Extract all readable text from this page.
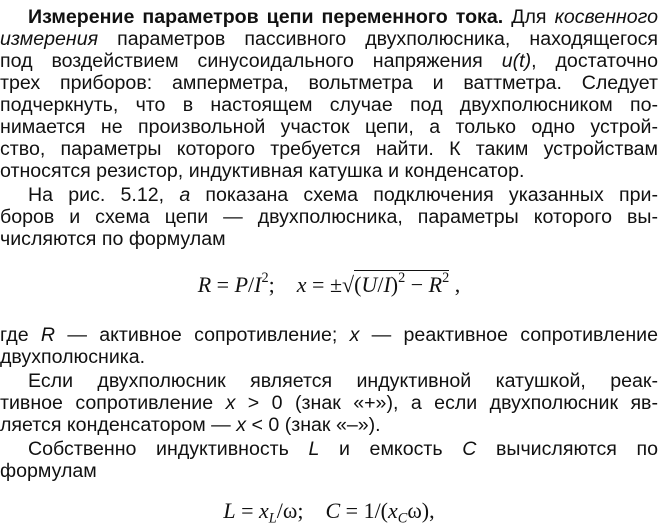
Измерение параметров цепи переменного тока. Для косвенного
измерения параметров пассивного двухполюсника, находящегося
под воздействием синусоидального напряжения u(t), достаточно
трех приборов: амперметра, вольтметра и ваттметра. Следует
подчеркнуть, что в настоящем случае под двухполюсником по-
нимается не произвольной участок цепи, а только одно устрой-
ство, параметры которого требуется найти. К таким устройствам
относятся резистор, индуктивная катушка и конденсатор.
На рис. 5.12, а показана схема подключения указанных при-
боров и схема цепи — двухполюсника, параметры которого вы-
числяются по формулам
$R = P/I^2$;    $x = \pm√(U/I)^2 - R^2$ ,
где R — активное сопротивление; x — реактивное сопротивление
двухполюсника.
Если двухполюсник является индуктивной катушкой, реак-
тивное сопротивление x > 0 (знак «+»), а если двухполюсник яв-
ляется конденсатором — x < 0 (знак «–»).
Собственно индуктивность L и емкость C вычисляются по
формулам
$L = x_L/\omega$;    $C = 1/(x_C\omega)$,
